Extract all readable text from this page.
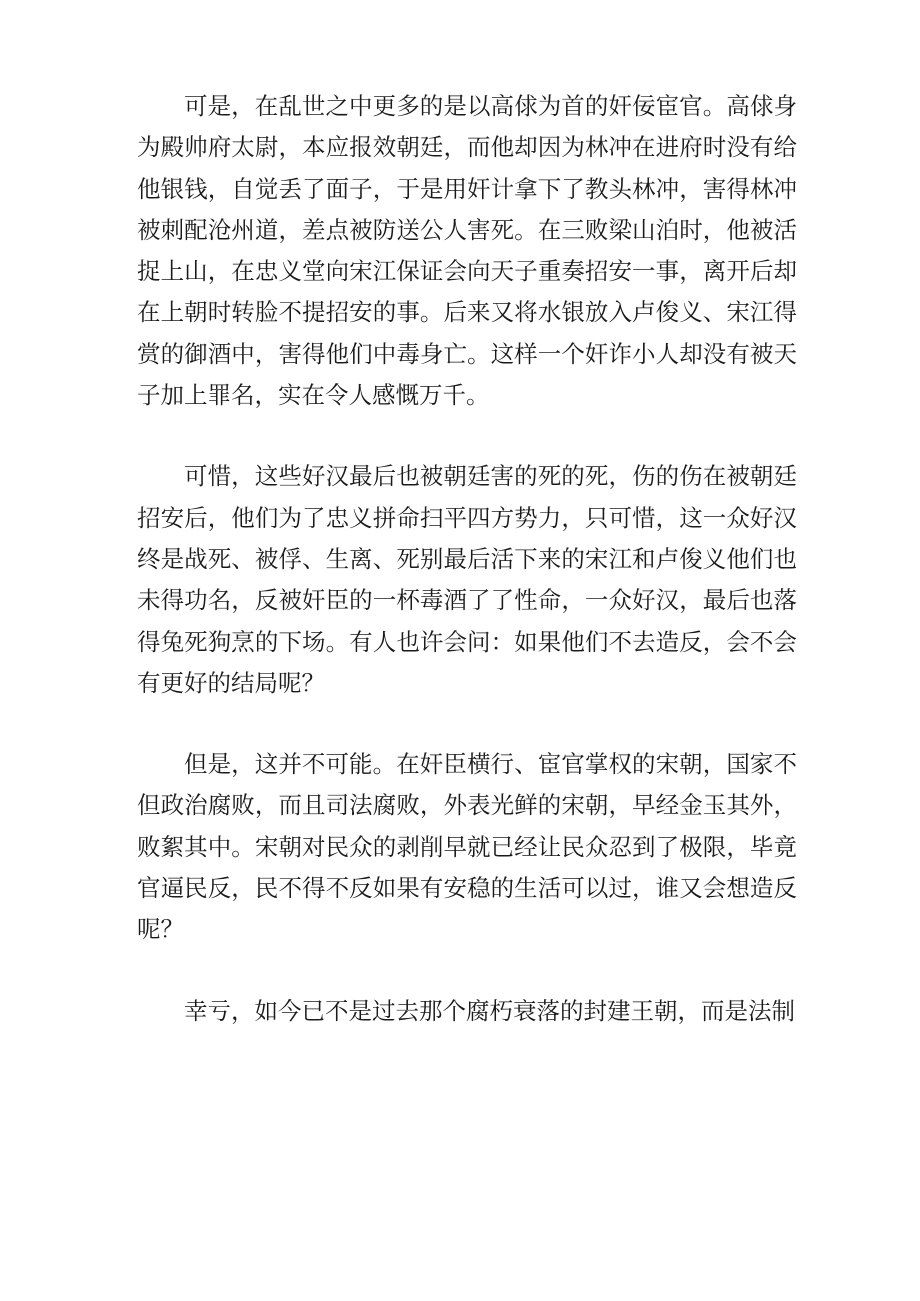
可是，在乱世之中更多的是以高俅为首的奸佞宦官。高俅身为殿帅府太尉，本应报效朝廷，而他却因为林冲在进府时没有给他银钱，自觉丢了面子，于是用奸计拿下了教头林冲，害得林冲被刺配沧州道，差点被防送公人害死。在三败梁山泊时，他被活捉上山，在忠义堂向宋江保证会向天子重奏招安一事，离开后却在上朝时转脸不提招安的事。后来又将水银放入卢俊义、宋江得赏的御酒中，害得他们中毒身亡。这样一个奸诈小人却没有被天子加上罪名，实在令人感慨万千。

可惜，这些好汉最后也被朝廷害的死的死，伤的伤在被朝廷招安后，他们为了忠义拼命扫平四方势力，只可惜，这一众好汉终是战死、被俘、生离、死别最后活下来的宋江和卢俊义他们也未得功名，反被奸臣的一杯毒酒了了性命，一众好汉，最后也落得兔死狗烹的下场。有人也许会问：如果他们不去造反，会不会有更好的结局呢？

但是，这并不可能。在奸臣横行、宦官掌权的宋朝，国家不但政治腐败，而且司法腐败，外表光鲜的宋朝，早经金玉其外，败絮其中。宋朝对民众的剥削早就已经让民众忍到了极限，毕竟官逼民反，民不得不反如果有安稳的生活可以过，谁又会想造反呢？

幸亏，如今已不是过去那个腐朽衰落的封建王朝，而是法制
